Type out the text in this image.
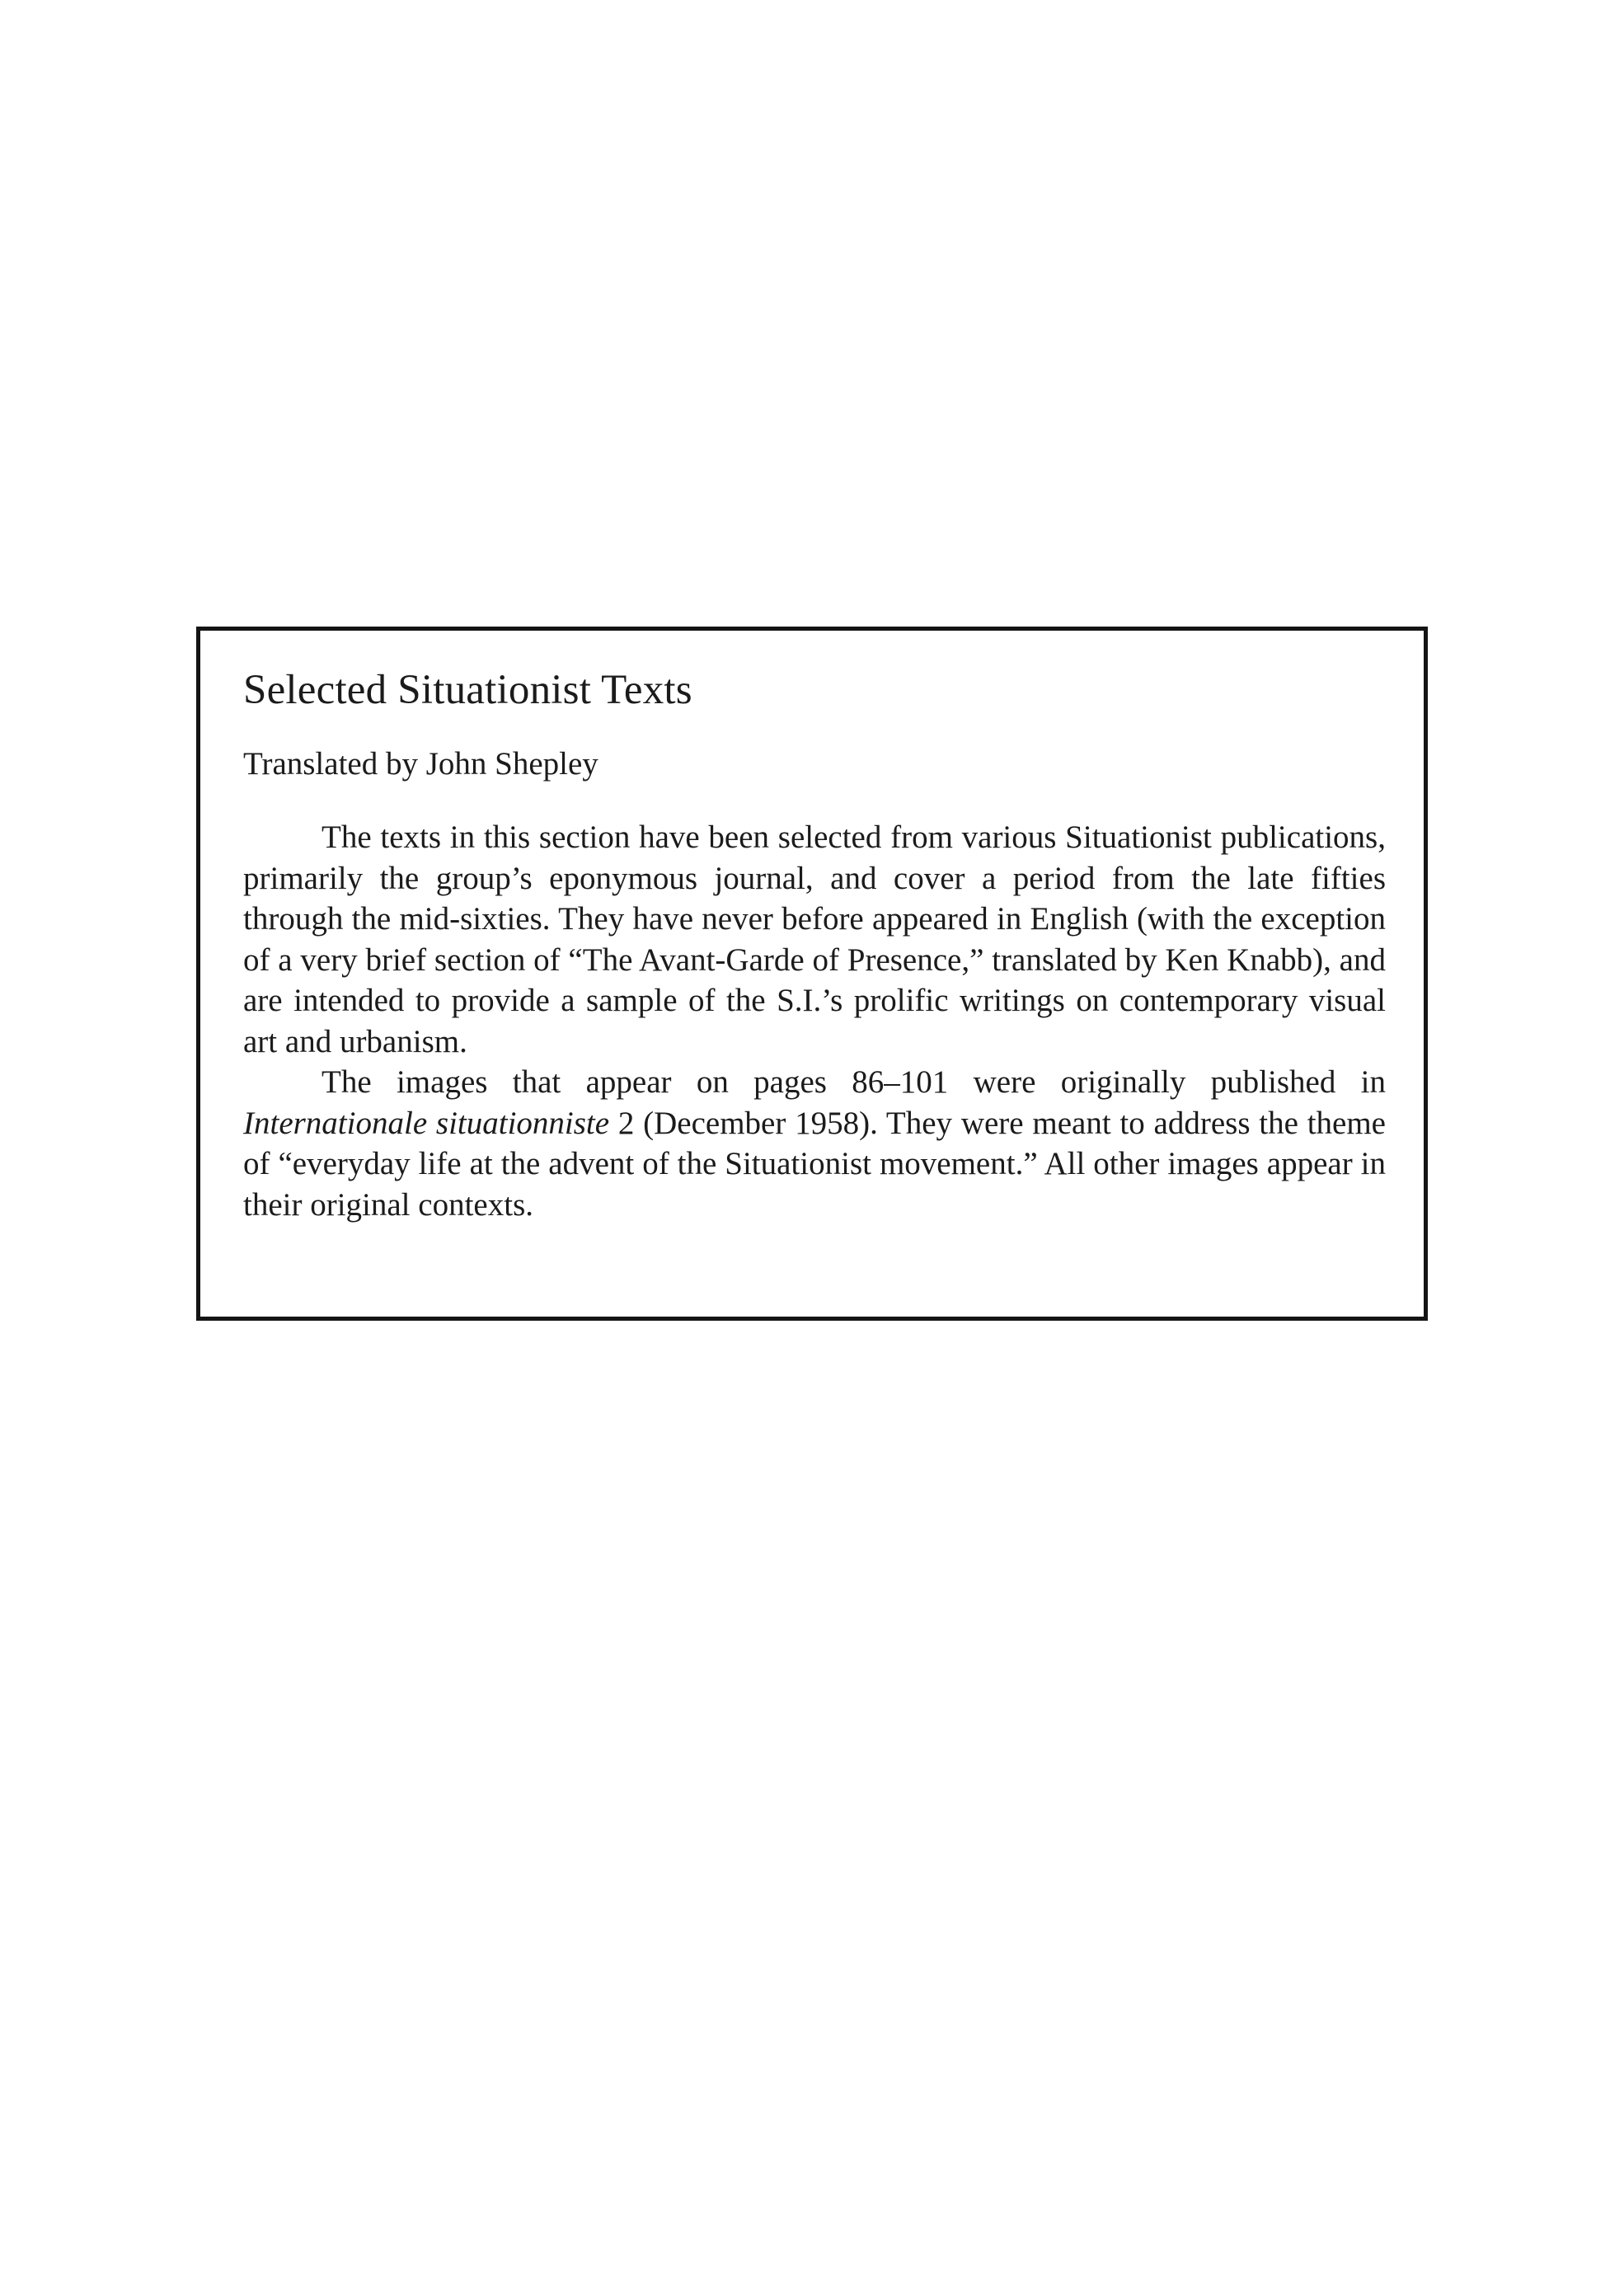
Selected Situationist Texts

Translated by John Shepley

The texts in this section have been selected from various Situationist publications, primarily the group’s eponymous journal, and cover a period from the late fifties through the mid-sixties. They have never before appeared in English (with the exception of a very brief section of “The Avant-Garde of Presence,” translated by Ken Knabb), and are intended to provide a sample of the S.I.’s prolific writings on contemporary visual art and urbanism.

The images that appear on pages 86–101 were originally published in Internationale situationniste 2 (December 1958). They were meant to address the theme of “everyday life at the advent of the Situationist movement.” All other images appear in their original contexts.
